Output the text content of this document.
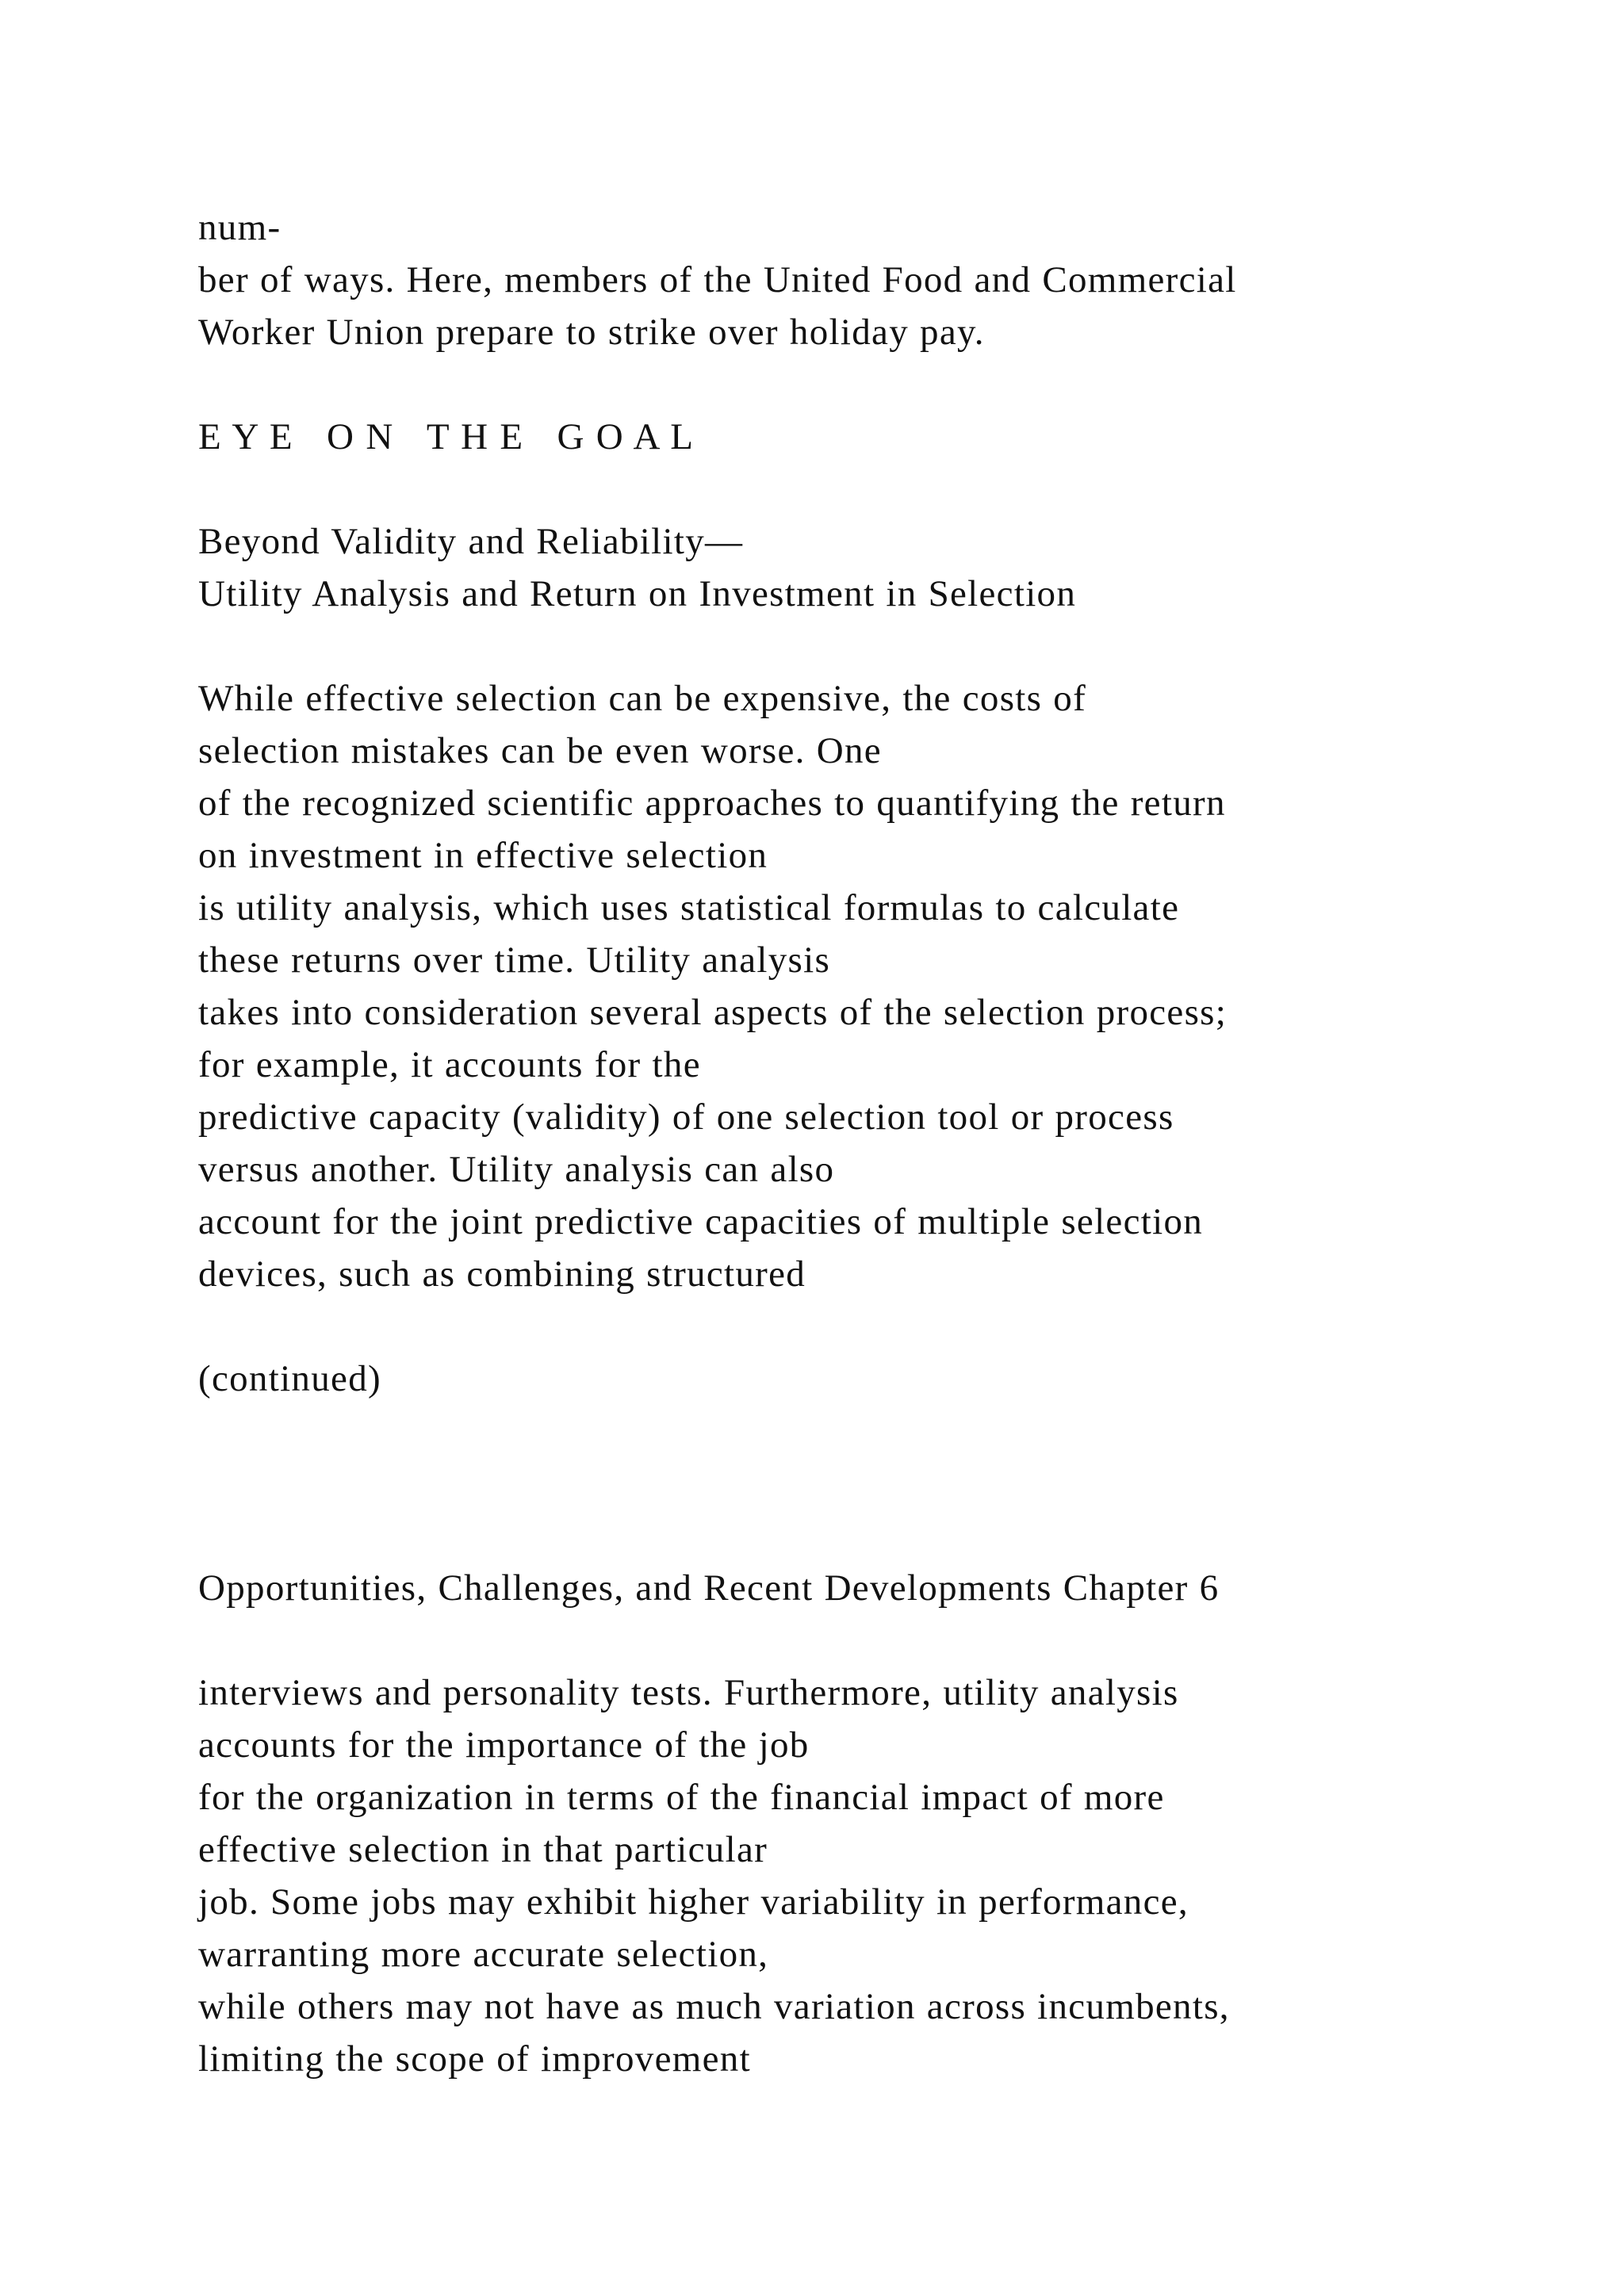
num-
ber of ways. Here, members of the United Food and Commercial
Worker Union prepare to strike over holiday pay.
E Y E   O N   T H E   G O A L
Beyond Validity and Reliability—
Utility Analysis and Return on Investment in Selection
While effective selection can be expensive, the costs of
selection mistakes can be even worse. One
of the recognized scientific approaches to quantifying the return
on investment in effective selection
is utility analysis, which uses statistical formulas to calculate
these returns over time. Utility analysis
takes into consideration several aspects of the selection process;
for example, it accounts for the
predictive capacity (validity) of one selection tool or process
versus another. Utility analysis can also
account for the joint predictive capacities of multiple selection
devices, such as combining structured
(continued)
Opportunities, Challenges, and Recent Developments Chapter 6
interviews and personality tests. Furthermore, utility analysis
accounts for the importance of the job
for the organization in terms of the financial impact of more
effective selection in that particular
job. Some jobs may exhibit higher variability in performance,
warranting more accurate selection,
while others may not have as much variation across incumbents,
limiting the scope of improvement
